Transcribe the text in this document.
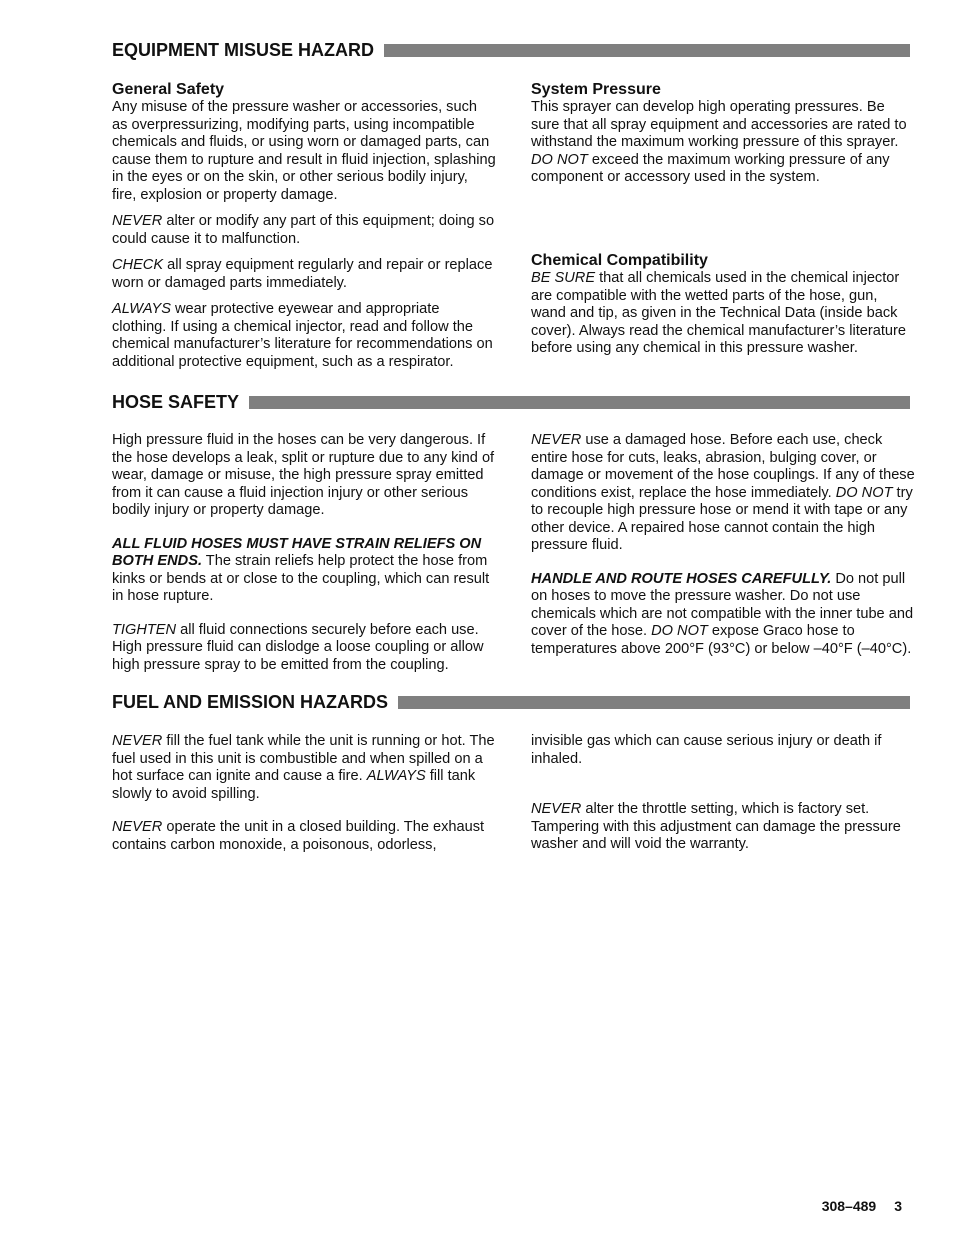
EQUIPMENT MISUSE HAZARD
General Safety

Any misuse of the pressure washer or accessories, such as overpressurizing, modifying parts, using incompatible chemicals and fluids, or using worn or damaged parts, can cause them to rupture and result in fluid injection, splashing in the eyes or on the skin, or other serious bodily injury, fire, explosion or property damage.

NEVER alter or modify any part of this equipment; doing so could cause it to malfunction.

CHECK all spray equipment regularly and repair or replace worn or damaged parts immediately.

ALWAYS wear protective eyewear and appropriate clothing. If using a chemical injector, read and follow the chemical manufacturer’s literature for recommendations on additional protective equipment, such as a respirator.

System Pressure

This sprayer can develop high operating pressures. Be sure that all spray equipment and accessories are rated to withstand the maximum working pressure of this sprayer. DO NOT exceed the maximum working pressure of any component or accessory used in the system.

Chemical Compatibility

BE SURE that all chemicals used in the chemical injector are compatible with the wetted parts of the hose, gun, wand and tip, as given in the Technical Data (inside back cover). Always read the chemical manufacturer’s literature before using any chemical in this pressure washer.

HOSE SAFETY

High pressure fluid in the hoses can be very dangerous. If the hose develops a leak, split or rupture due to any kind of wear, damage or misuse, the high pressure spray emitted from it can cause a fluid injection injury or other serious bodily injury or property damage.

ALL FLUID HOSES MUST HAVE STRAIN RELIEFS ON BOTH ENDS. The strain reliefs help protect the hose from kinks or bends at or close to the coupling, which can result in hose rupture.

TIGHTEN all fluid connections securely before each use. High pressure fluid can dislodge a loose coupling or allow high pressure spray to be emitted from the coupling.

NEVER use a damaged hose. Before each use, check entire hose for cuts, leaks, abrasion, bulging cover, or damage or movement of the hose couplings. If any of these conditions exist, replace the hose immediately. DO NOT try to recouple high pressure hose or mend it with tape or any other device. A repaired hose cannot contain the high pressure fluid.

HANDLE AND ROUTE HOSES CAREFULLY. Do not pull on hoses to move the pressure washer. Do not use chemicals which are not compatible with the inner tube and cover of the hose. DO NOT expose Graco hose to temperatures above 200°F (93°C) or below –40°F (–40°C).

FUEL AND EMISSION HAZARDS

NEVER fill the fuel tank while the unit is running or hot. The fuel used in this unit is combustible and when spilled on a hot surface can ignite and cause a fire. ALWAYS fill tank slowly to avoid spilling.

NEVER operate the unit in a closed building. The exhaust contains carbon monoxide, a poisonous, odorless,

invisible gas which can cause serious injury or death if inhaled.

NEVER alter the throttle setting, which is factory set. Tampering with this adjustment can damage the pressure washer and will void the warranty.

308–489 3
